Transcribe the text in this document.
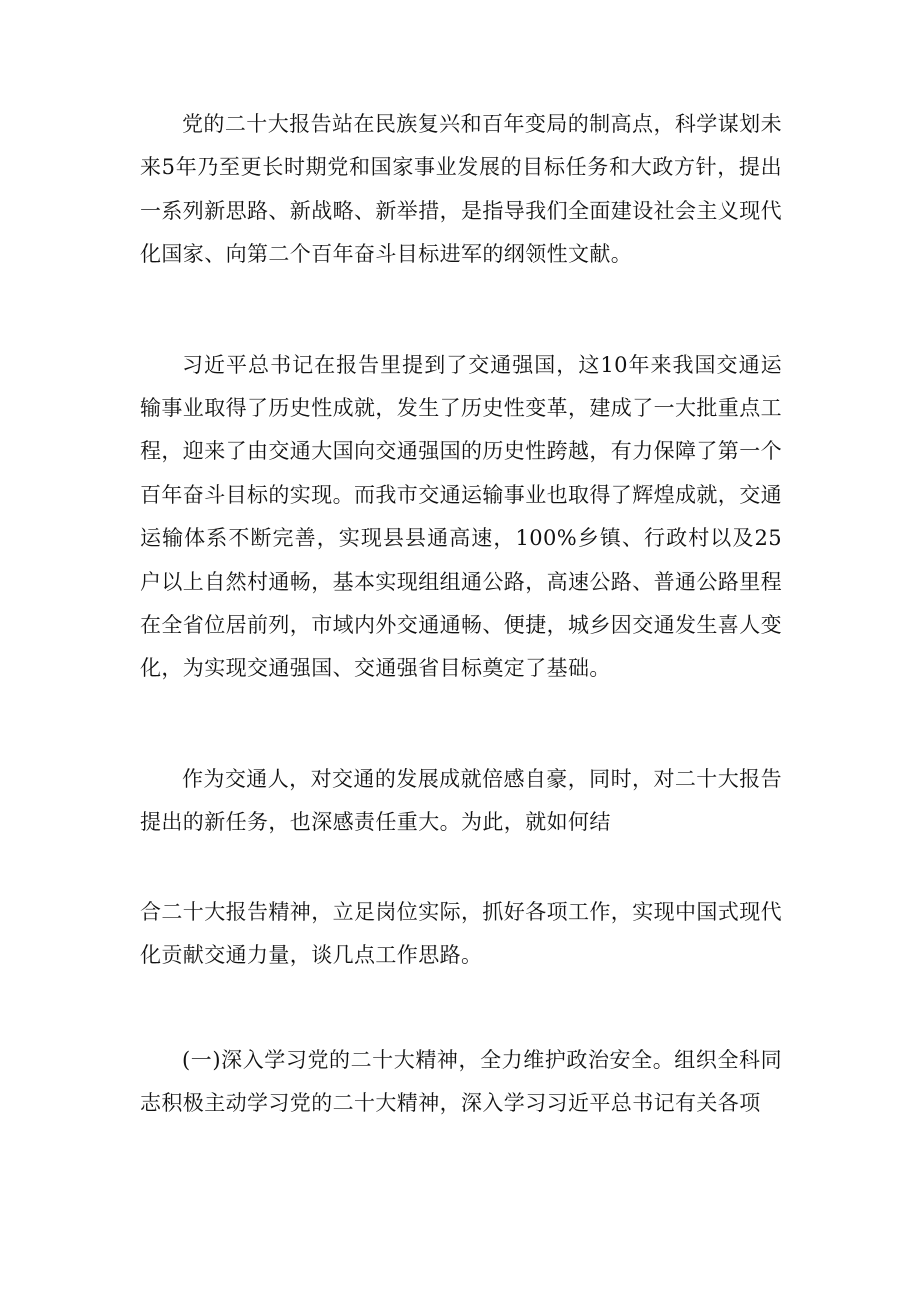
党的二十大报告站在民族复兴和百年变局的制高点，科学谋划未来5年乃至更长时期党和国家事业发展的目标任务和大政方针，提出一系列新思路、新战略、新举措，是指导我们全面建设社会主义现代化国家、向第二个百年奋斗目标进军的纲领性文献。

习近平总书记在报告里提到了交通强国，这10年来我国交通运输事业取得了历史性成就，发生了历史性变革，建成了一大批重点工程，迎来了由交通大国向交通强国的历史性跨越，有力保障了第一个百年奋斗目标的实现。而我市交通运输事业也取得了辉煌成就，交通运输体系不断完善，实现县县通高速，100%乡镇、行政村以及25户以上自然村通畅，基本实现组组通公路，高速公路、普通公路里程在全省位居前列，市域内外交通通畅、便捷，城乡因交通发生喜人变化，为实现交通强国、交通强省目标奠定了基础。

作为交通人，对交通的发展成就倍感自豪，同时，对二十大报告提出的新任务，也深感责任重大。为此，就如何结

合二十大报告精神，立足岗位实际，抓好各项工作，实现中国式现代化贡献交通力量，谈几点工作思路。

(一)深入学习党的二十大精神，全力维护政治安全。组织全科同志积极主动学习党的二十大精神，深入学习习近平总书记有关各项
